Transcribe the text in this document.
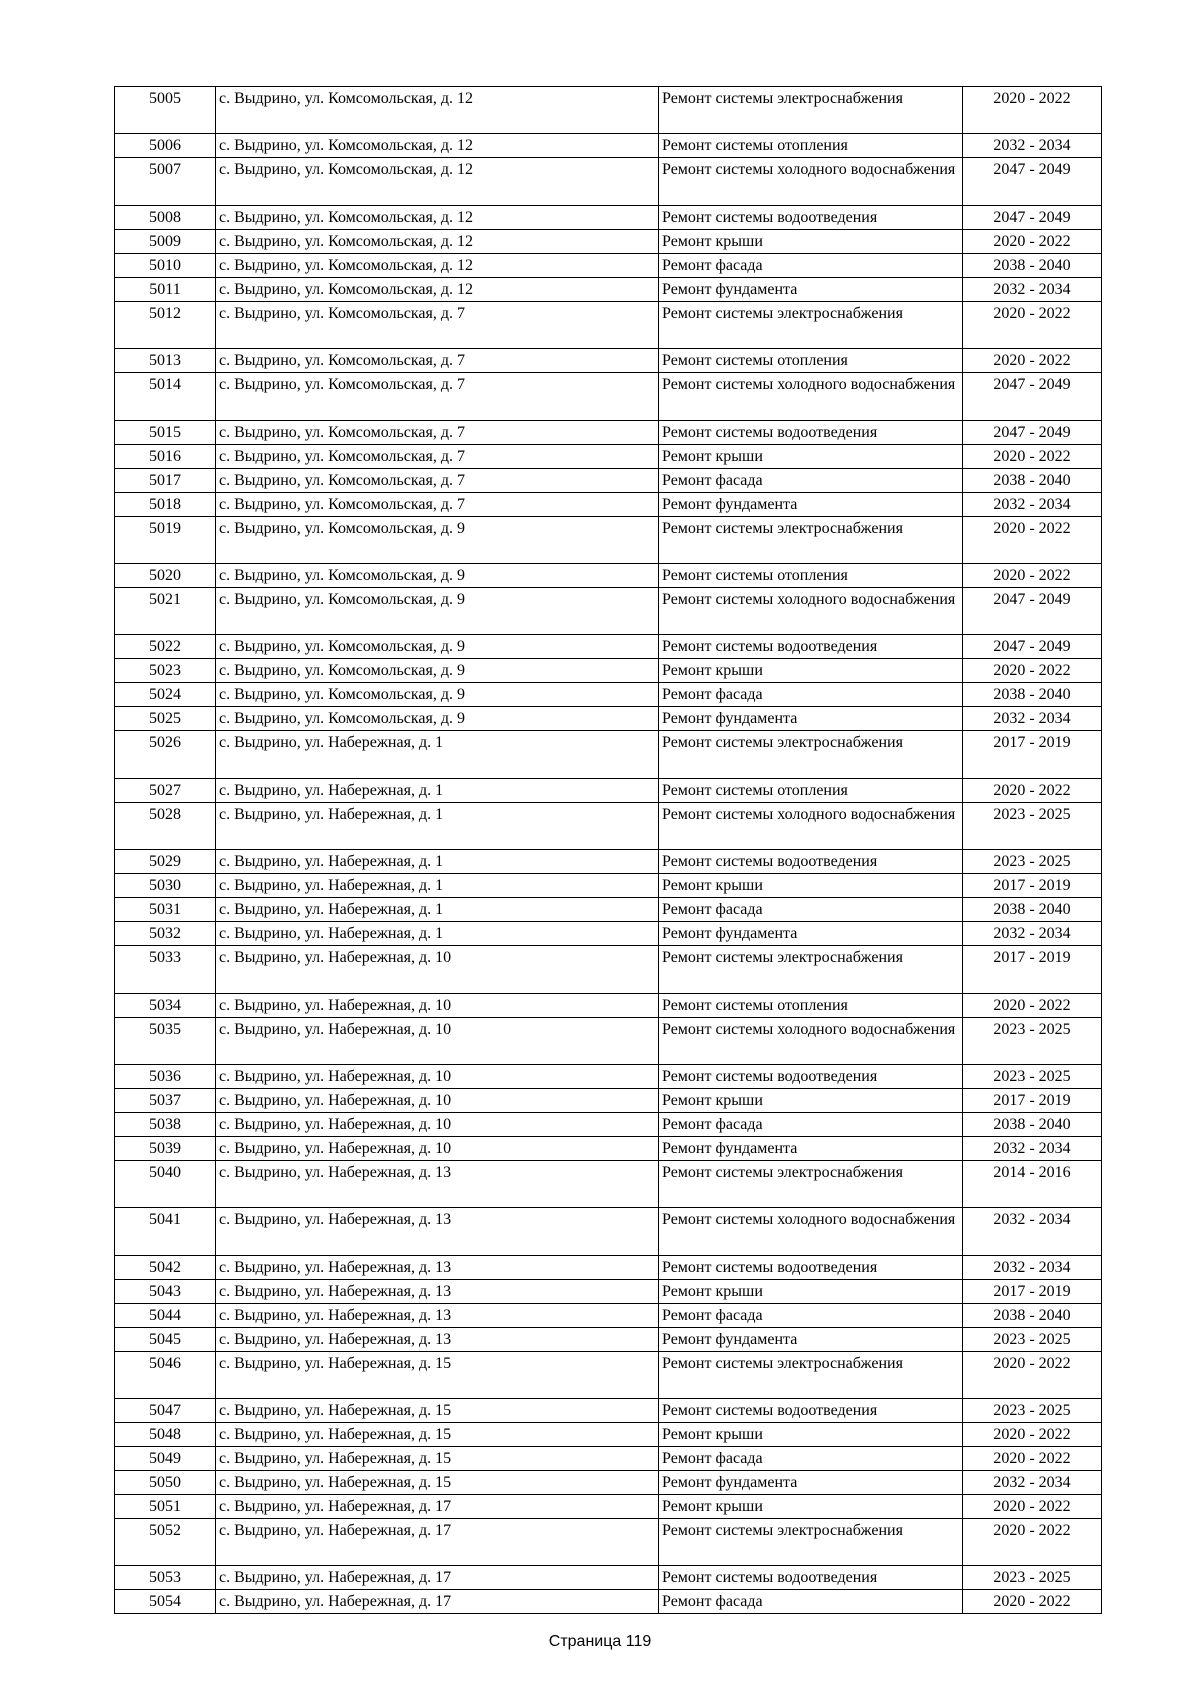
5005	с. Выдрино, ул. Комсомольская, д. 12	Ремонт системы электроснабжения	2020 - 2022
5006	с. Выдрино, ул. Комсомольская, д. 12	Ремонт системы отопления	2032 - 2034
5007	с. Выдрино, ул. Комсомольская, д. 12	Ремонт системы холодного водоснабжения	2047 - 2049
5008	с. Выдрино, ул. Комсомольская, д. 12	Ремонт системы водоотведения	2047 - 2049
5009	с. Выдрино, ул. Комсомольская, д. 12	Ремонт крыши	2020 - 2022
5010	с. Выдрино, ул. Комсомольская, д. 12	Ремонт фасада	2038 - 2040
5011	с. Выдрино, ул. Комсомольская, д. 12	Ремонт фундамента	2032 - 2034
5012	с. Выдрино, ул. Комсомольская, д. 7	Ремонт системы электроснабжения	2020 - 2022
5013	с. Выдрино, ул. Комсомольская, д. 7	Ремонт системы отопления	2020 - 2022
5014	с. Выдрино, ул. Комсомольская, д. 7	Ремонт системы холодного водоснабжения	2047 - 2049
5015	с. Выдрино, ул. Комсомольская, д. 7	Ремонт системы водоотведения	2047 - 2049
5016	с. Выдрино, ул. Комсомольская, д. 7	Ремонт крыши	2020 - 2022
5017	с. Выдрино, ул. Комсомольская, д. 7	Ремонт фасада	2038 - 2040
5018	с. Выдрино, ул. Комсомольская, д. 7	Ремонт фундамента	2032 - 2034
5019	с. Выдрино, ул. Комсомольская, д. 9	Ремонт системы электроснабжения	2020 - 2022
5020	с. Выдрино, ул. Комсомольская, д. 9	Ремонт системы отопления	2020 - 2022
5021	с. Выдрино, ул. Комсомольская, д. 9	Ремонт системы холодного водоснабжения	2047 - 2049
5022	с. Выдрино, ул. Комсомольская, д. 9	Ремонт системы водоотведения	2047 - 2049
5023	с. Выдрино, ул. Комсомольская, д. 9	Ремонт крыши	2020 - 2022
5024	с. Выдрино, ул. Комсомольская, д. 9	Ремонт фасада	2038 - 2040
5025	с. Выдрино, ул. Комсомольская, д. 9	Ремонт фундамента	2032 - 2034
5026	с. Выдрино, ул. Набережная, д. 1	Ремонт системы электроснабжения	2017 - 2019
5027	с. Выдрино, ул. Набережная, д. 1	Ремонт системы отопления	2020 - 2022
5028	с. Выдрино, ул. Набережная, д. 1	Ремонт системы холодного водоснабжения	2023 - 2025
5029	с. Выдрино, ул. Набережная, д. 1	Ремонт системы водоотведения	2023 - 2025
5030	с. Выдрино, ул. Набережная, д. 1	Ремонт крыши	2017 - 2019
5031	с. Выдрино, ул. Набережная, д. 1	Ремонт фасада	2038 - 2040
5032	с. Выдрино, ул. Набережная, д. 1	Ремонт фундамента	2032 - 2034
5033	с. Выдрино, ул. Набережная, д. 10	Ремонт системы электроснабжения	2017 - 2019
5034	с. Выдрино, ул. Набережная, д. 10	Ремонт системы отопления	2020 - 2022
5035	с. Выдрино, ул. Набережная, д. 10	Ремонт системы холодного водоснабжения	2023 - 2025
5036	с. Выдрино, ул. Набережная, д. 10	Ремонт системы водоотведения	2023 - 2025
5037	с. Выдрино, ул. Набережная, д. 10	Ремонт крыши	2017 - 2019
5038	с. Выдрино, ул. Набережная, д. 10	Ремонт фасада	2038 - 2040
5039	с. Выдрино, ул. Набережная, д. 10	Ремонт фундамента	2032 - 2034
5040	с. Выдрино, ул. Набережная, д. 13	Ремонт системы электроснабжения	2014 - 2016
5041	с. Выдрино, ул. Набережная, д. 13	Ремонт системы холодного водоснабжения	2032 - 2034
5042	с. Выдрино, ул. Набережная, д. 13	Ремонт системы водоотведения	2032 - 2034
5043	с. Выдрино, ул. Набережная, д. 13	Ремонт крыши	2017 - 2019
5044	с. Выдрино, ул. Набережная, д. 13	Ремонт фасада	2038 - 2040
5045	с. Выдрино, ул. Набережная, д. 13	Ремонт фундамента	2023 - 2025
5046	с. Выдрино, ул. Набережная, д. 15	Ремонт системы электроснабжения	2020 - 2022
5047	с. Выдрино, ул. Набережная, д. 15	Ремонт системы водоотведения	2023 - 2025
5048	с. Выдрино, ул. Набережная, д. 15	Ремонт крыши	2020 - 2022
5049	с. Выдрино, ул. Набережная, д. 15	Ремонт фасада	2020 - 2022
5050	с. Выдрино, ул. Набережная, д. 15	Ремонт фундамента	2032 - 2034
5051	с. Выдрино, ул. Набережная, д. 17	Ремонт крыши	2020 - 2022
5052	с. Выдрино, ул. Набережная, д. 17	Ремонт системы электроснабжения	2020 - 2022
5053	с. Выдрино, ул. Набережная, д. 17	Ремонт системы водоотведения	2023 - 2025
5054	с. Выдрино, ул. Набережная, д. 17	Ремонт фасада	2020 - 2022
Страница 119
